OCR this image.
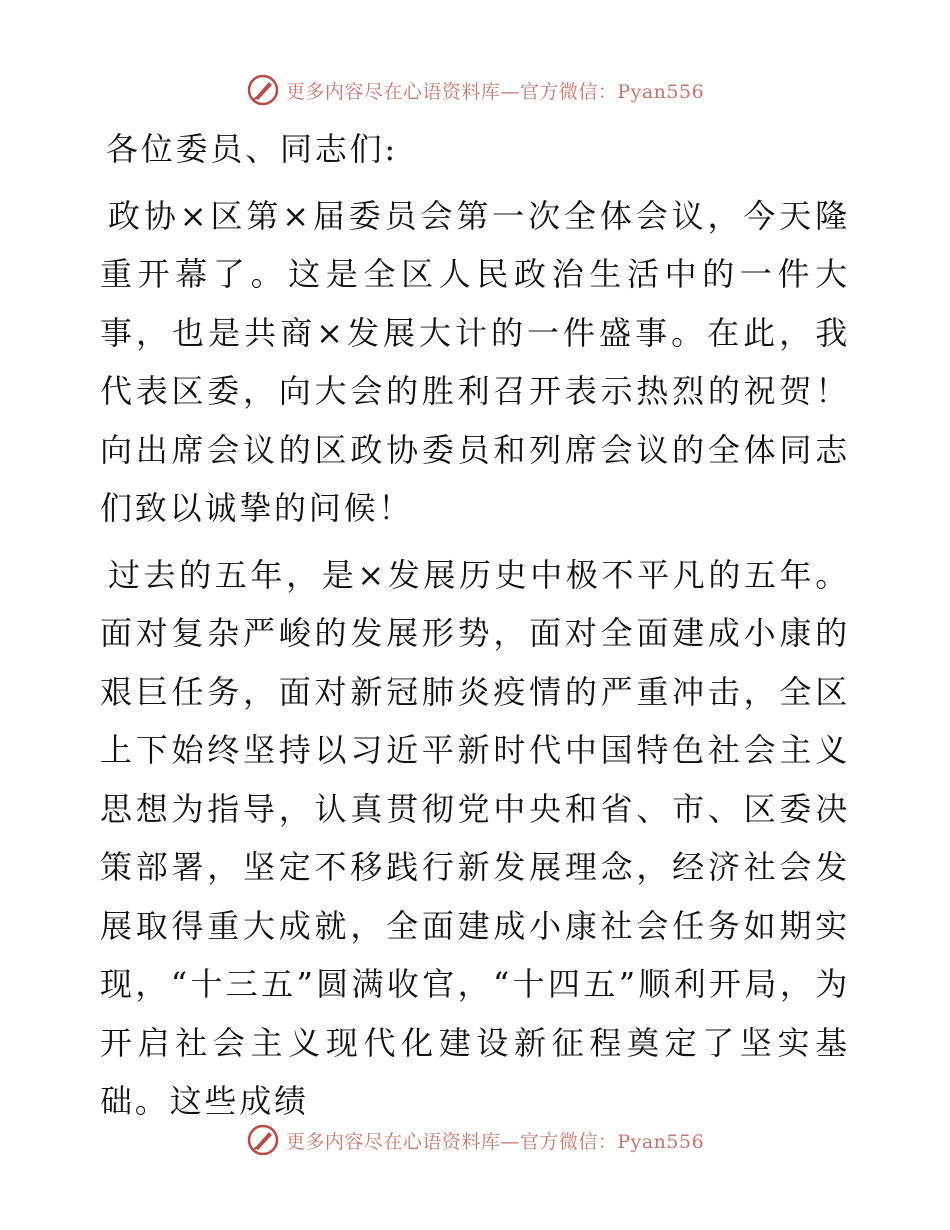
更多内容尽在心语资料库—官方微信：Pyan556

各位委员、同志们:

政协×区第×届委员会第一次全体会议，今天隆重开幕了。这是全区人民政治生活中的一件大事，也是共商×发展大计的一件盛事。在此，我代表区委，向大会的胜利召开表示热烈的祝贺！向出席会议的区政协委员和列席会议的全体同志们致以诚挚的问候！

过去的五年，是×发展历史中极不平凡的五年。面对复杂严峻的发展形势，面对全面建成小康的艰巨任务，面对新冠肺炎疫情的严重冲击，全区上下始终坚持以习近平新时代中国特色社会主义思想为指导，认真贯彻党中央和省、市、区委决策部署，坚定不移践行新发展理念，经济社会发展取得重大成就，全面建成小康社会任务如期实现，“十三五”圆满收官，“十四五”顺利开局，为开启社会主义现代化建设新征程奠定了坚实基础。这些成绩

更多内容尽在心语资料库—官方微信：Pyan556
